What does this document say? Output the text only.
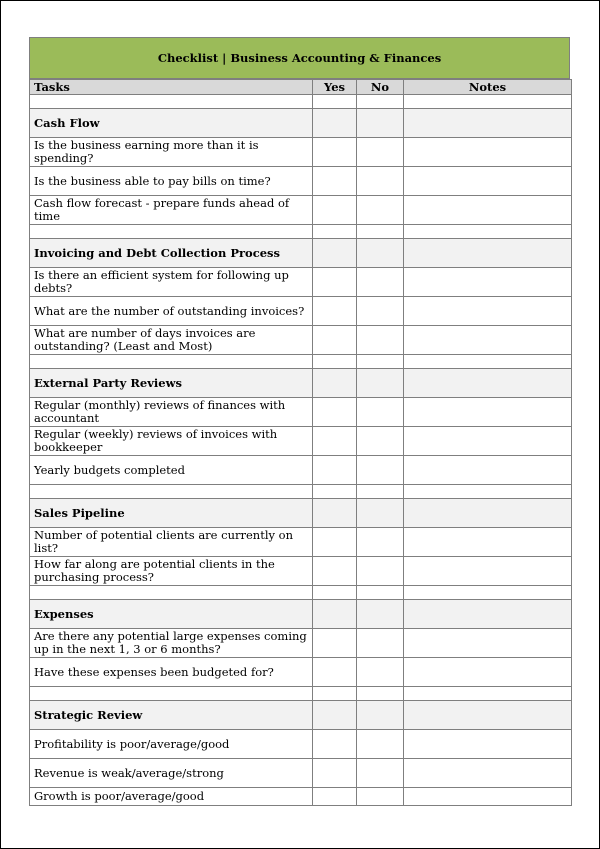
Checklist | Business Accounting & Finances
Tasks	Yes	No	Notes

Cash Flow			
Is the business earning more than it is spending?			
Is the business able to pay bills on time?			
Cash flow forecast - prepare funds ahead of time			

Invoicing and Debt Collection Process			
Is there an efficient system for following up debts?			
What are the number of outstanding invoices?			
What are number of days invoices are outstanding? (Least and Most)			

External Party Reviews			
Regular (monthly) reviews of finances with accountant			
Regular (weekly) reviews of invoices with bookkeeper			
Yearly budgets completed			

Sales Pipeline			
Number of potential clients are currently on list?			
How far along are potential clients in the purchasing process?			

Expenses			
Are there any potential large expenses coming up in the next 1, 3 or 6 months?			
Have these expenses been budgeted for?			

Strategic Review			
Profitability is poor/average/good			
Revenue is weak/average/strong			
Growth is poor/average/good			
